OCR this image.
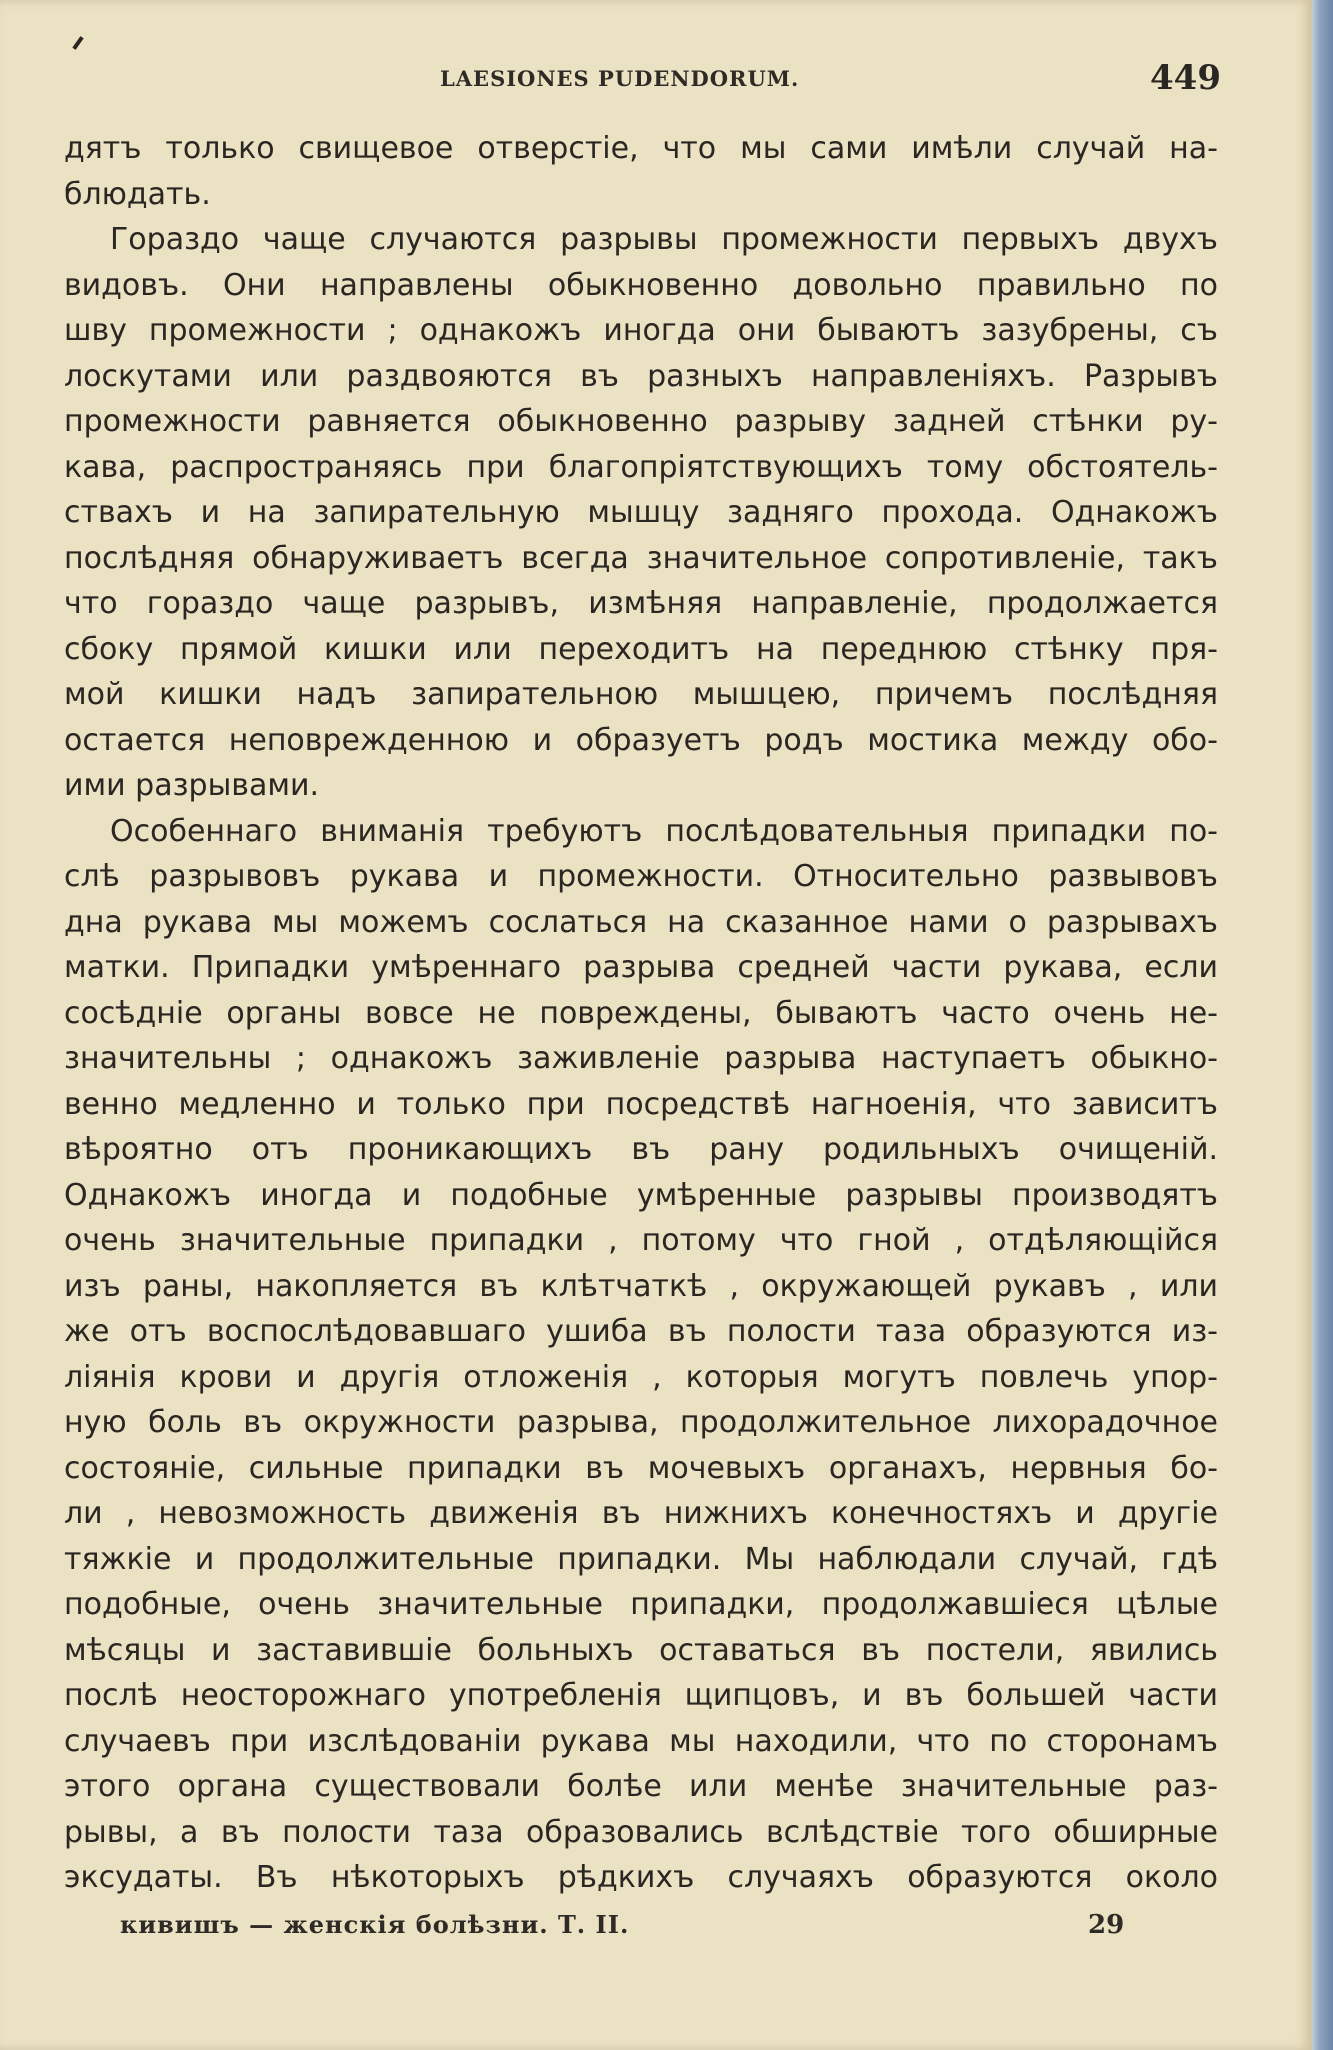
LAESIONES PUDENDORUM.	449
дятъ только свищевое отверстіе, что мы сами имѣли случай на-
блюдать.
Гораздо чаще случаются разрывы промежности первыхъ двухъ
видовъ. Они направлены обыкновенно довольно правильно по
шву промежности ; однакожъ иногда они бываютъ зазубрены, съ
лоскутами или раздвояются въ разныхъ направленіяхъ. Разрывъ
промежности равняется обыкновенно разрыву задней стѣнки ру-
кава, распространяясь при благопріятствующихъ тому обстоятель-
ствахъ и на запирательную мышцу задняго прохода. Однакожъ
послѣдняя обнаруживаетъ всегда значительное сопротивленіе, такъ
что гораздо чаще разрывъ, измѣняя направленіе, продолжается
сбоку прямой кишки или переходитъ на переднюю стѣнку пря-
мой кишки надъ запирательною мышцею, причемъ послѣдняя
остается неповрежденною и образуетъ родъ мостика между обо-
ими разрывами.
Особеннаго вниманія требуютъ послѣдовательныя припадки по-
слѣ разрывовъ рукава и промежности. Относительно развывовъ
дна рукава мы можемъ сослаться на сказанное нами о разрывахъ
матки. Припадки умѣреннаго разрыва средней части рукава, если
сосѣдніе органы вовсе не повреждены, бываютъ часто очень не-
значительны ; однакожъ заживленіе разрыва наступаетъ обыкно-
венно медленно и только при посредствѣ нагноенія, что зависитъ
вѣроятно отъ проникающихъ въ рану родильныхъ очищеній.
Однакожъ иногда и подобные умѣренные разрывы производятъ
очень значительные припадки , потому что гной , отдѣляющійся
изъ раны, накопляется въ клѣтчаткѣ , окружающей рукавъ , или
же отъ воспослѣдовавшаго ушиба въ полости таза образуются из-
ліянія крови и другія отложенія , которыя могутъ повлечь упор-
ную боль въ окружности разрыва, продолжительное лихорадочное
состояніе, сильные припадки въ мочевыхъ органахъ, нервныя бо-
ли , невозможность движенія въ нижнихъ конечностяхъ и другіе
тяжкіе и продолжительные припадки. Мы наблюдали случай, гдѣ
подобные, очень значительные припадки, продолжавшіеся цѣлые
мѣсяцы и заставившіе больныхъ оставаться въ постели, явились
послѣ неосторожнаго употребленія щипцовъ, и въ большей части
случаевъ при изслѣдованіи рукава мы находили, что по сторонамъ
этого органа существовали болѣе или менѣе значительные раз-
рывы, а въ полости таза образовались вслѣдствіе того обширные
эксудаты. Въ нѣкоторыхъ рѣдкихъ случаяхъ образуются около
кивишъ — женскія болѣзни. Т. II.	29
